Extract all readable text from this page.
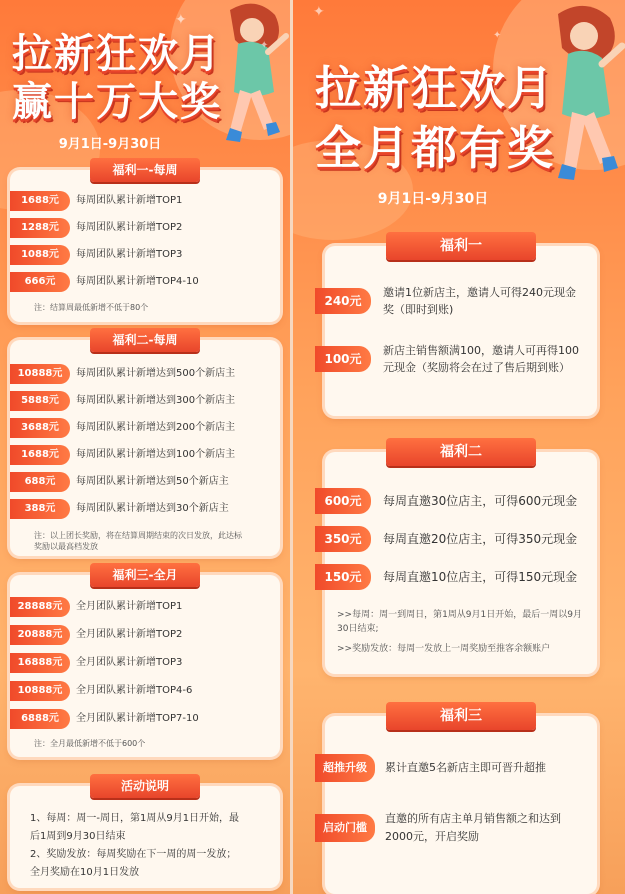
✦
✦
拉新狂欢月
赢十万大奖
9月1日-9月30日
福利一-每周
注：结算周最低新增不低于80个
福利二-每周
注：以上团长奖励，将在结算周期结束的次日发放，此达标
奖励以最高档发放
福利三-全月
注：全月最低新增不低于600个
活动说明
1、每周：周一-周日，第1周从9月1日开始，最
后1周到9月30日结束
2、奖励发放：每周奖励在下一周的周一发放；
全月奖励在10月1日发放
1688元	每周团队累计新增TOP1
1288元	每周团队累计新增TOP2
1088元	每周团队累计新增TOP3
666元	每周团队累计新增TOP4-10
10888元	每周团队累计新增达到500个新店主
5888元	每周团队累计新增达到300个新店主
3688元	每周团队累计新增达到200个新店主
1688元	每周团队累计新增达到100个新店主
688元	每周团队累计新增达到50个新店主
388元	每周团队累计新增达到30个新店主
28888元	全月团队累计新增TOP1
20888元	全月团队累计新增TOP2
16888元	全月团队累计新增TOP3
10888元	全月团队累计新增TOP4-6
6888元	全月团队累计新增TOP7-10
✦
✦
拉新狂欢月
全月都有奖
9月1日-9月30日
福利一
福利二
>>每周：周一到周日，第1周从9月1日开始，最后一周以9月
30日结束;
>>奖励发放：每周一发放上一周奖励至推客余额账户
福利三
240元
邀请1位新店主，邀请人可得240元现金
奖（即时到账)
100元
新店主销售额满100，邀请人可再得100
元现金（奖励将会在过了售后期到账）
600元	每周直邀30位店主，可得600元现金
350元	每周直邀20位店主，可得350元现金
150元	每周直邀10位店主，可得150元现金
超推升级	累计直邀5名新店主即可晋升超推
启动门槛
直邀的所有店主单月销售额之和达到
2000元，开启奖励
